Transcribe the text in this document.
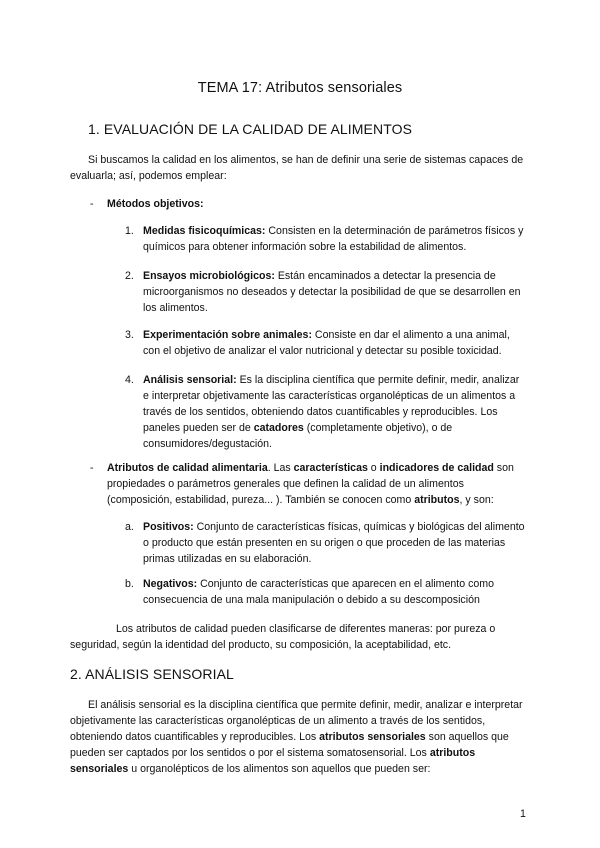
TEMA 17: Atributos sensoriales
1. EVALUACIÓN DE LA CALIDAD DE ALIMENTOS

Si buscamos la calidad en los alimentos, se han de definir una serie de sistemas capaces de evaluarla; así, podemos emplear:

- Métodos objetivos:
1. Medidas fisicoquímicas: Consisten en la determinación de parámetros físicos y químicos para obtener información sobre la estabilidad de alimentos.

2. Ensayos microbiológicos: Están encaminados a detectar la presencia de microorganismos no deseados y detectar la posibilidad de que se desarrollen en los alimentos.

3. Experimentación sobre animales: Consiste en dar el alimento a una animal, con el objetivo de analizar el valor nutricional y detectar su posible toxicidad.

4. Análisis sensorial: Es la disciplina científica que permite definir, medir, analizar e interpretar objetivamente las características organolépticas de un alimentos a través de los sentidos, obteniendo datos cuantificables y reproducibles. Los paneles pueden ser de catadores (completamente objetivo), o de consumidores/degustación.

- Atributos de calidad alimentaria. Las características o indicadores de calidad son propiedades o parámetros generales que definen la calidad de un alimentos (composición, estabilidad, pureza... ). También se conocen como atributos, y son:

a. Positivos: Conjunto de características físicas, químicas y biológicas del alimento o producto que están presenten en su origen o que proceden de las materias primas utilizadas en su elaboración.

b. Negativos: Conjunto de características que aparecen en el alimento como consecuencia de una mala manipulación o debido a su descomposición

Los atributos de calidad pueden clasificarse de diferentes maneras: por pureza o seguridad, según la identidad del producto, su composición, la aceptabilidad, etc.

2. ANÁLISIS SENSORIAL

El análisis sensorial es la disciplina científica que permite definir, medir, analizar e interpretar objetivamente las características organolépticas de un alimento a través de los sentidos, obteniendo datos cuantificables y reproducibles. Los atributos sensoriales son aquellos que pueden ser captados por los sentidos o por el sistema somatosensorial. Los atributos sensoriales u organolépticos de los alimentos son aquellos que pueden ser:

1
